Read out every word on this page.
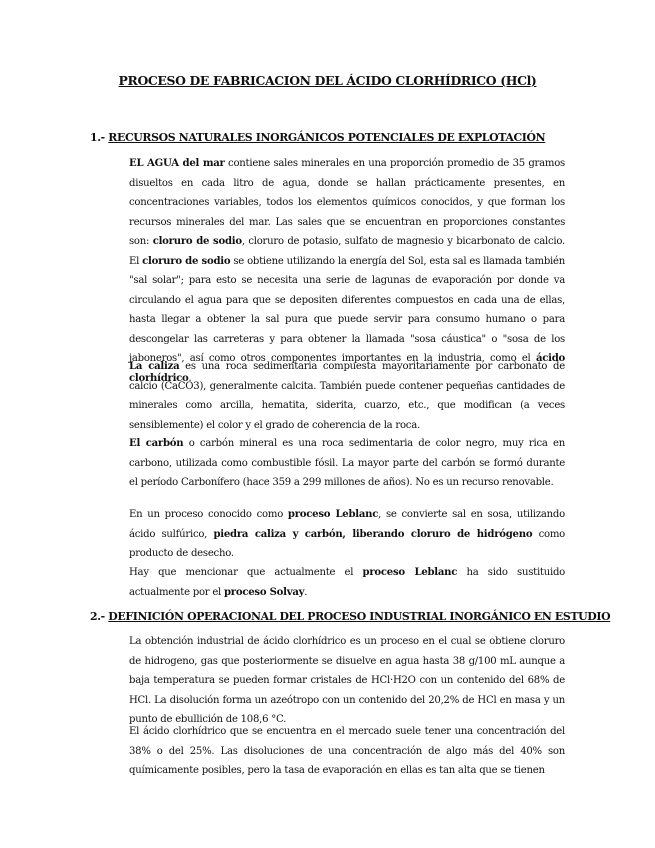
PROCESO DE FABRICACION DEL ÁCIDO CLORHÍDRICO (HCl)
1.- RECURSOS NATURALES INORGÁNICOS POTENCIALES DE EXPLOTACIÓN
EL AGUA del mar contiene sales minerales en una proporción promedio de 35 gramos disueltos en cada litro de agua, donde se hallan prácticamente presentes, en concentraciones variables, todos los elementos químicos conocidos, y que forman los recursos minerales del mar. Las sales que se encuentran en proporciones constantes son: cloruro de sodio, cloruro de potasio, sulfato de magnesio y bicarbonato de calcio. El cloruro de sodio se obtiene utilizando la energía del Sol, esta sal es llamada también "sal solar"; para esto se necesita una serie de lagunas de evaporación por donde va circulando el agua para que se depositen diferentes compuestos en cada una de ellas, hasta llegar a obtener la sal pura que puede servir para consumo humano o para descongelar las carreteras y para obtener la llamada "sosa cáustica" o "sosa de los jaboneros", así como otros componentes importantes en la industria, como el ácido clorhídrico.
La caliza es una roca sedimentaria compuesta mayoritariamente por carbonato de calcio (CaCO3), generalmente calcita. También puede contener pequeñas cantidades de minerales como arcilla, hematita, siderita, cuarzo, etc., que modifican (a veces sensiblemente) el color y el grado de coherencia de la roca.
El carbón o carbón mineral es una roca sedimentaria de color negro, muy rica en carbono, utilizada como combustible fósil. La mayor parte del carbón se formó durante el período Carbonífero (hace 359 a 299 millones de años). No es un recurso renovable.
En un proceso conocido como proceso Leblanc, se convierte sal en sosa, utilizando ácido sulfúrico, piedra caliza y carbón, liberando cloruro de hidrógeno como producto de desecho.
Hay que mencionar que actualmente el proceso Leblanc ha sido sustituido actualmente por el proceso Solvay.
2.- DEFINICIÓN OPERACIONAL DEL PROCESO INDUSTRIAL INORGÁNICO EN ESTUDIO
La obtención industrial de ácido clorhídrico es un proceso en el cual se obtiene cloruro de hidrogeno, gas que posteriormente se disuelve en agua hasta 38 g/100 mL aunque a baja temperatura se pueden formar cristales de HCl·H2O con un contenido del 68% de HCl. La disolución forma un azeótropo con un contenido del 20,2% de HCl en masa y un punto de ebullición de 108,6 °C.
El ácido clorhídrico que se encuentra en el mercado suele tener una concentración del 38% o del 25%. Las disoluciones de una concentración de algo más del 40% son químicamente posibles, pero la tasa de evaporación en ellas es tan alta que se tienen
